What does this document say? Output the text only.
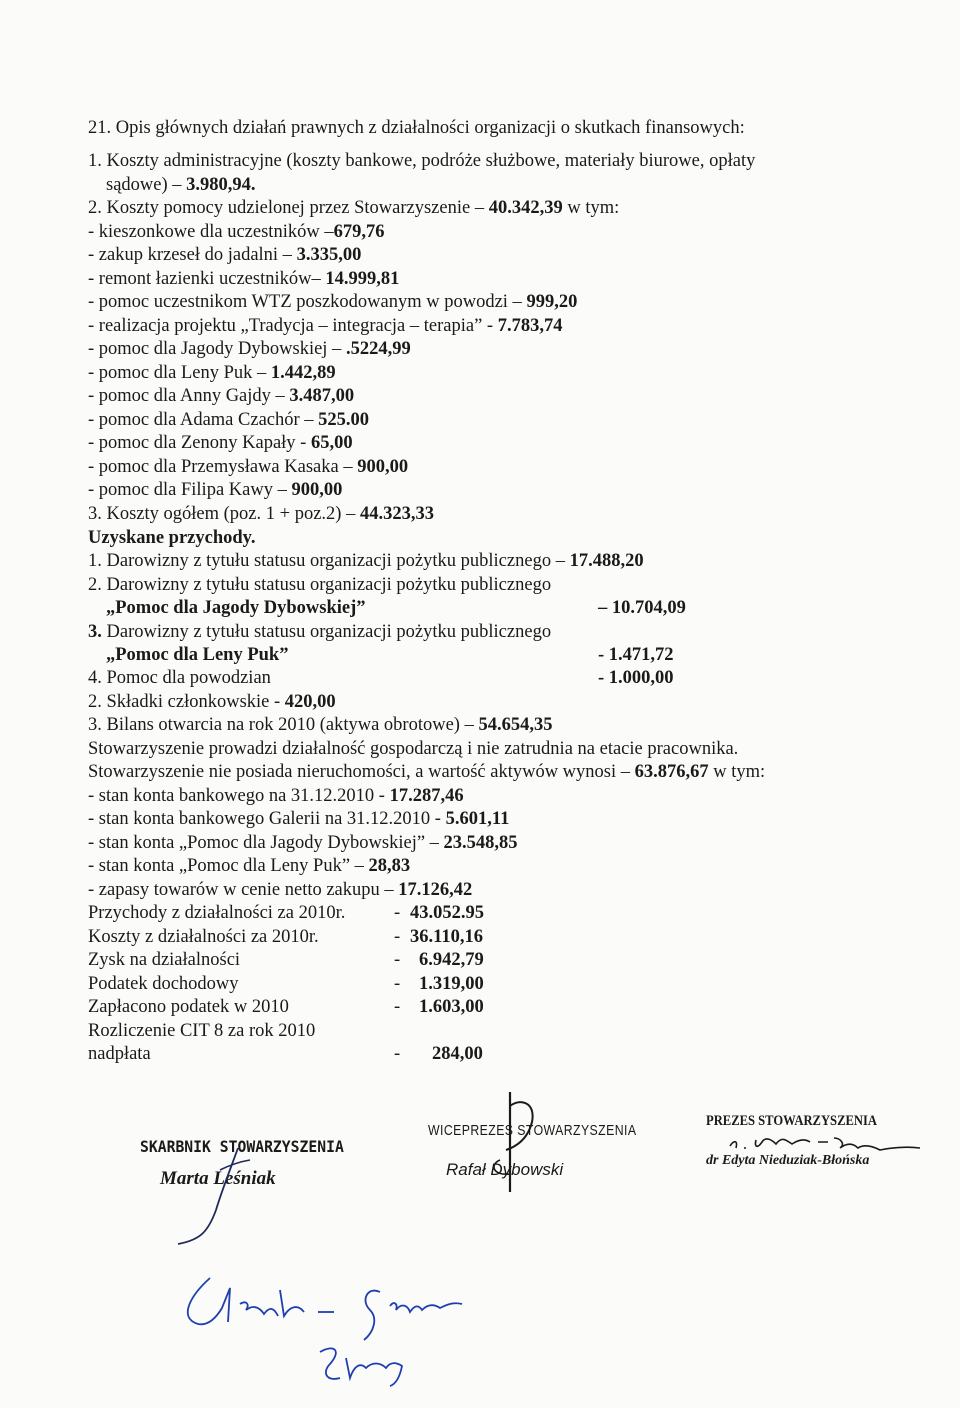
21. Opis głównych działań prawnych z działalności organizacji o skutkach finansowych:
1. Koszty administracyjne (koszty bankowe, podróże służbowe, materiały biurowe, opłaty
sądowe) – 3.980,94.
2. Koszty pomocy udzielonej przez Stowarzyszenie – 40.342,39 w tym:
- kieszonkowe dla uczestników –679,76
- zakup krzeseł do jadalni – 3.335,00
- remont łazienki uczestników– 14.999,81
- pomoc uczestnikom WTZ poszkodowanym w powodzi – 999,20
- realizacja projektu „Tradycja – integracja – terapia” - 7.783,74
- pomoc dla Jagody Dybowskiej – .5224,99
- pomoc dla Leny Puk – 1.442,89
- pomoc dla Anny Gajdy – 3.487,00
- pomoc dla Adama Czachór – 525.00
- pomoc dla Zenony Kapały - 65,00
- pomoc dla Przemysława Kasaka – 900,00
- pomoc dla Filipa Kawy – 900,00
3. Koszty ogółem (poz. 1 + poz.2) – 44.323,33
Uzyskane przychody.
1. Darowizny z tytułu statusu organizacji pożytku publicznego – 17.488,20
2. Darowizny z tytułu statusu organizacji pożytku publicznego
„Pomoc dla Jagody Dybowskiej”	– 10.704,09
3. Darowizny z tytułu statusu organizacji pożytku publicznego
„Pomoc dla Leny Puk”	- 1.471,72
4. Pomoc dla powodzian	- 1.000,00
2. Składki członkowskie - 420,00
3. Bilans otwarcia na rok 2010 (aktywa obrotowe) – 54.654,35
Stowarzyszenie prowadzi działalność gospodarczą i nie zatrudnia na etacie pracownika.
Stowarzyszenie nie posiada nieruchomości, a wartość aktywów wynosi – 63.876,67 w tym:
- stan konta bankowego na 31.12.2010 - 17.287,46
- stan konta bankowego Galerii na 31.12.2010 - 5.601,11
- stan konta „Pomoc dla Jagody Dybowskiej” – 23.548,85
- stan konta „Pomoc dla Leny Puk” – 28,83
- zapasy towarów w cenie netto zakupu – 17.126,42
Przychody z działalności za 2010r.	- 43.052.95
Koszty z działalności za 2010r.	- 36.110,16
Zysk na działalności	- 6.942,79
Podatek dochodowy	- 1.319,00
Zapłacono podatek w 2010	- 1.603,00
Rozliczenie CIT 8 za rok 2010
nadpłata	- 284,00
SKARBNIK STOWARZYSZENIA
Marta Leśniak
WICEPREZES STOWARZYSZENIA
Rafał Dybowski
PREZES STOWARZYSZENIA
dr Edyta Nieduziak-Błońska
